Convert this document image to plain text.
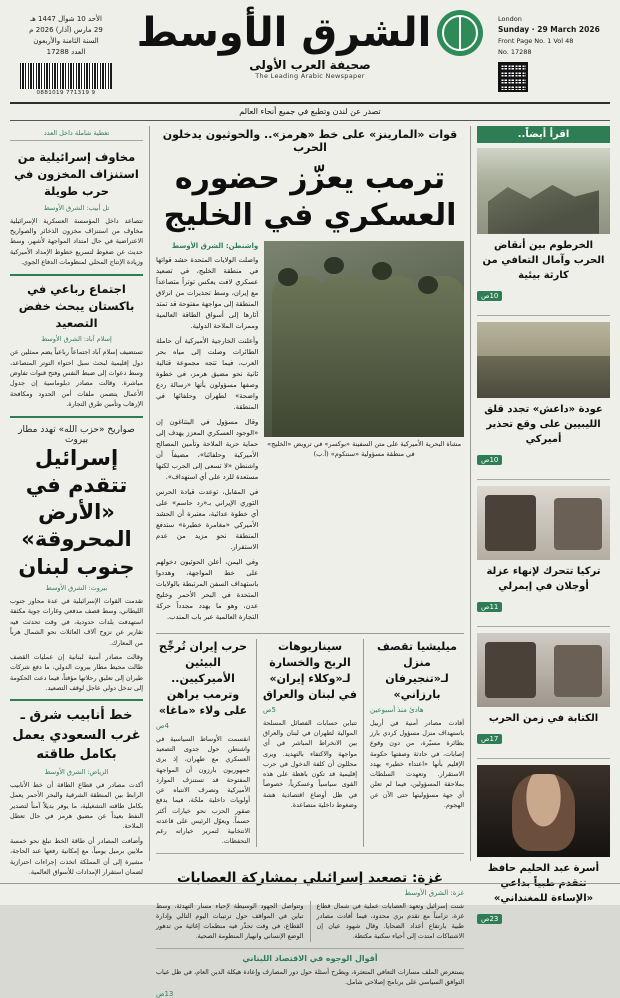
الأحد 10 شوال 1447 هـ
29 مارس (آذار) 2026 م
السنة الثامنة والأربعون
العدد 17288
9 771319 0881019
الشرق الأوسط
صحيفة العرب الأولى
The Leading Arabic Newspaper
London
Sunday · 29 March 2026
Front Page No. 1 Vol 48
No. 17288
تصدر عن لندن وتطبع في جميع أنحاء العالم
اقرأ أيضاً..
الخرطوم بين أنقاض الحرب وآمال التعافي من كارثة بيئية
10ص
عودة «داعش» تجدد قلق الليبيين على وقع تحذير أميركي
10ص
تركيا تتحرك لإنهاء عزلة أوجلان في إيمرلي
11ص
الكتابة في زمن الحرب
17ص
أسرة عبد الحليم حافظ تتقدم طبياً بداعي «الإساءة للمغنداني»
23ص
قوات «المارينز» على خط «هرمز».. والحوثيون يدخلون الحرب
ترمب يعزّز حضوره العسكري في الخليج
مشاة البحرية الأميركية على متن السفينة «بوكسر» في ترويض «الخليج» في منطقة مسؤولية «سنتكوم» (أ.ب)
واشنطن: الشرق الأوسط

واصلت الولايات المتحدة حشد قواتها في منطقة الخليج، في تصعيد عسكري لافت يعكس توتراً متصاعداً مع إيران، وسط تحذيرات من انزلاق المنطقة إلى مواجهة مفتوحة قد تمتد آثارها إلى أسواق الطاقة العالمية وممرات الملاحة الدولية.

وأعلنت الخارجية الأميركية أن حاملة الطائرات وصلت إلى مياه بحر العرب، فيما تتجه مجموعة قتالية ثانية نحو مضيق هرمز، في خطوة وصفها مسؤولون بأنها «رسالة ردع واضحة» لطهران وحلفائها في المنطقة.

وقال مسؤول في البنتاغون إن «الوجود العسكري المعزز يهدف إلى حماية حرية الملاحة وتأمين المصالح الأميركية وحلفائنا»، مضيفاً أن واشنطن «لا تسعى إلى الحرب لكنها مستعدة للرد على أي استهداف».

في المقابل، توعدت قيادة الحرس الثوري الإيراني بـ«رد حاسم» على أي خطوة عدائية، معتبرة أن الحشد الأميركي «مغامرة خطيرة» ستدفع المنطقة نحو مزيد من عدم الاستقرار.

وفي اليمن، أعلن الحوثيون دخولهم على خط المواجهة، وهددوا باستهداف السفن المرتبطة بالولايات المتحدة في البحر الأحمر وخليج عدن، وهو ما يهدد مجدداً حركة التجارة العالمية عبر باب المندب.

ميليشيا تقصف منزل لـ«تنجيرفان بارزاني»
هادئ منذ أسبوعين
أفادت مصادر أمنية في أربيل باستهداف منزل مسؤول كردي بارز بطائرة مسيّرة، من دون وقوع إصابات، في حادثة وصفتها حكومة الإقليم بأنها «اعتداء خطير» يهدد الاستقرار. وتعهدت السلطات بملاحقة المسؤولين، فيما لم تعلن أي جهة مسؤوليتها حتى الآن عن الهجوم.
سيناريوهات الربح والخسارة لـ«وكلاء إيران» في لبنان والعراق
5ص
تتباين حسابات الفصائل المسلحة الموالية لطهران في لبنان والعراق بين الانخراط المباشر في أي مواجهة والاكتفاء بالتهديد. ويرى محللون أن كلفة الدخول في حرب إقليمية قد تكون باهظة على هذه القوى سياسياً وعسكرياً، خصوصاً في ظل أوضاع اقتصادية هشة وضغوط داخلية متصاعدة.
حرب إيران تُرجِّح البيئين الأميركيين.. وترمب يراهن على ولاء «ماغا»
4ص
انقسمت الأوساط السياسية في واشنطن حول جدوى التصعيد العسكري مع طهران، إذ يرى جمهوريون بارزون أن المواجهة المفتوحة قد تستنزف الموارد الأميركية وتصرف الانتباه عن أولويات داخلية ملحّة، فيما يدفع صقور الحزب نحو خيارات أكثر حسماً. ويعوّل الرئيس على قاعدته الانتخابية لتمرير خياراته رغم التحفظات.
غزة: تصعيد إسرائيلي بمشاركة العصابات
غزة: الشرق الأوسط
شنت إسرائيل وتعهد العصابات عملية في شمال قطاع غزة، تزامناً مع تقدم بري محدود، فيما أفادت مصادر طبية بارتفاع أعداد الضحايا. وقال شهود عيان إن الاشتباكات امتدت إلى أحياء سكنية مكتظة.
وتتواصل الجهود الوسيطة لإحياء مسار التهدئة، وسط تباين في المواقف حول ترتيبات اليوم التالي وإدارة القطاع، في وقت تحذّر فيه منظمات إغاثية من تدهور الوضع الإنساني وانهيار المنظومة الصحية.
أقوال الوجوه في الاقتصاد اللبناني
يستعرض الملف مسارات التعافي المتعثرة، ويطرح أسئلة حول دور المصارف وإعادة هيكلة الدين العام، في ظل غياب التوافق السياسي على برنامج إصلاحي شامل.
13ص
تغطية شاملة داخل العدد
مخاوف إسرائيلية من استنزاف المخزون في حرب طويلة
تل أبيب: الشرق الأوسط
تتصاعد داخل المؤسسة العسكرية الإسرائيلية مخاوف من استنزاف مخزون الذخائر والصواريخ الاعتراضية في حال امتداد المواجهة لأشهر، وسط حديث عن ضغوط لتسريع خطوط الإمداد الأميركية وزيادة الإنتاج المحلي لمنظومات الدفاع الجوي.
اجتماع رباعي في باكستان يبحث خفض التصعيد
إسلام آباد: الشرق الأوسط
تستضيف إسلام آباد اجتماعاً رباعياً يضم ممثلين عن دول إقليمية لبحث سبل احتواء التوتر المتصاعد، وسط دعوات إلى ضبط النفس وفتح قنوات تفاوض مباشرة. وقالت مصادر دبلوماسية إن جدول الأعمال يتضمن ملفات أمن الحدود ومكافحة الإرهاب وتأمين طرق التجارة.
صواريخ «حزب الله» تهدد مطار بيروت
إسرائيل تتقدم في «الأرض المحروقة» جنوب لبنان
بيروت: الشرق الأوسط
تقدمت القوات الإسرائيلية في عدة محاور جنوب الليطاني، وسط قصف مدفعي وغارات جوية مكثفة استهدفت بلدات حدودية، في وقت تحدثت فيه تقارير عن نزوح آلاف العائلات نحو الشمال هرباً من المعارك.
وقالت مصادر أمنية لبنانية إن عمليات القصف طالت محيط مطار بيروت الدولي، ما دفع شركات طيران إلى تعليق رحلاتها مؤقتاً، فيما دعت الحكومة إلى تدخل دولي عاجل لوقف التصعيد.
خط أنابيب شرق ـ غرب السعودي يعمل بكامل طاقته
الرياض: الشرق الأوسط
أكدت مصادر في قطاع الطاقة أن خط الأنابيب الرابط بين المنطقة الشرقية والبحر الأحمر يعمل بكامل طاقته التشغيلية، ما يوفر بديلاً آمناً لتصدير النفط بعيداً عن مضيق هرمز في حال تعطل الملاحة.
وأضافت المصادر أن طاقة الخط تبلغ نحو خمسة ملايين برميل يومياً، مع إمكانية رفعها عند الحاجة، مشيرة إلى أن المملكة اتخذت إجراءات احترازية لضمان استقرار الإمدادات للأسواق العالمية.
